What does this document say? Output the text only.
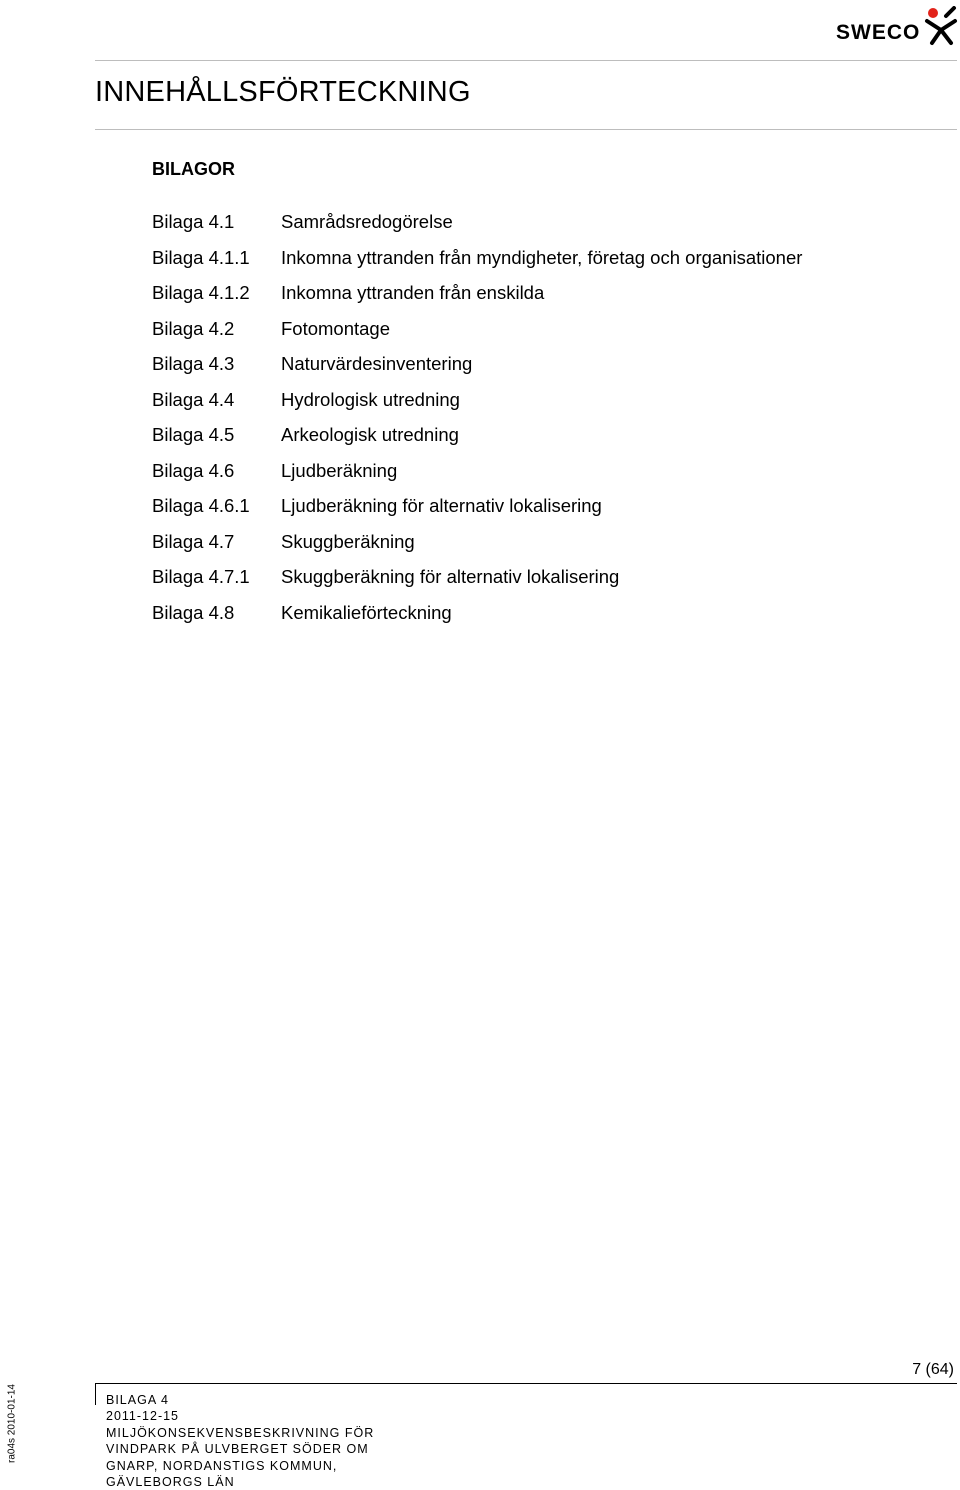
SWECO
INNEHÅLLSFÖRTECKNING
BILAGOR
Bilaga 4.1	Samrådsredogörelse
Bilaga 4.1.1 Inkomna yttranden från myndigheter, företag och organisationer
Bilaga 4.1.2 Inkomna yttranden från enskilda
Bilaga 4.2	Fotomontage
Bilaga 4.3	Naturvärdesinventering
Bilaga 4.4	Hydrologisk utredning
Bilaga 4.5	Arkeologisk utredning
Bilaga 4.6	Ljudberäkning
Bilaga 4.6.1 Ljudberäkning för alternativ lokalisering
Bilaga 4.7	Skuggberäkning
Bilaga 4.7.1 Skuggberäkning för alternativ lokalisering
Bilaga 4.8	Kemikalieförteckning
7 (64)
BILAGA 4
2011-12-15
MILJÖKONSEKVENSBESKRIVNING FÖR
VINDPARK PÅ ULVBERGET SÖDER OM
GNARP, NORDANSTIGS KOMMUN,
GÄVLEBORGS LÄN
ra04s 2010-01-14
